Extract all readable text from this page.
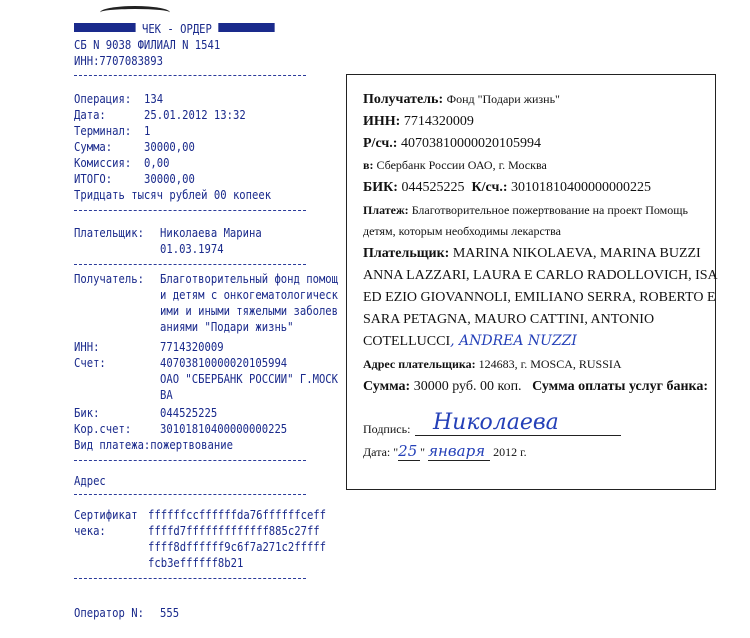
ЧЕК - ОРДЕР
СБ N 9038 ФИЛИАЛ N 1541
ИНН:7707083893
Операция: 134
Дата:	25.01.2012 13:32
Терминал: 1
Сумма:	30000,00
Комиссия: 0,00
ИТОГО:	30000,00
Тридцать тысяч рублей 00 копеек
Плательщик: Николаева Марина
01.03.1974
Получатель: Благотворительный фонд помощ
и детям с онкогематологическ
ими и иными тяжелыми заболев
аниями "Подари жизнь"
ИНН:	7714320009
Счет:	40703810000020105994
ОАО "СБЕРБАНК РОССИИ" Г.МОСК
ВА
Бик:	044525225
Кор.счет: 30101810400000000225
Вид платежа:пожертвование
Адрес
Сертификат
чека:
ffffffccffffffda76ffffffceff
ffffd7fffffffffffff885c27ff
ffff8dffffff9c6f7a271c2fffff
fcb3effffff8b21
Оператор N: 555
Получатель: Фонд "Подари жизнь"
ИНН: 7714320009
Р/сч.: 40703810000020105994
в: Сбербанк России ОАО, г. Москва
БИК: 044525225 К/сч.: 30101810400000000225
Платеж: Благотворительное пожертвование на проект Помощь
детям, которым необходимы лекарства
Плательщик: MARINA NIKOLAEVA, MARINA BUZZI
ANNA LAZZARI, LAURA E CARLO RADOLLOVICH, ISA
ED EZIO GIOVANNOLI, EMILIANO SERRA, ROBERTO E
SARA PETAGNA, MAURO CATTINI, ANTONIO
COTELLUCCI, ANDREA NUZZI
Адрес плательщика: 124683, г. MOSCA, RUSSIA
Сумма: 30000 руб. 00 коп. Сумма оплаты услуг банка:
Подпись: Николаева
Дата: "25 " января 2012 г.
